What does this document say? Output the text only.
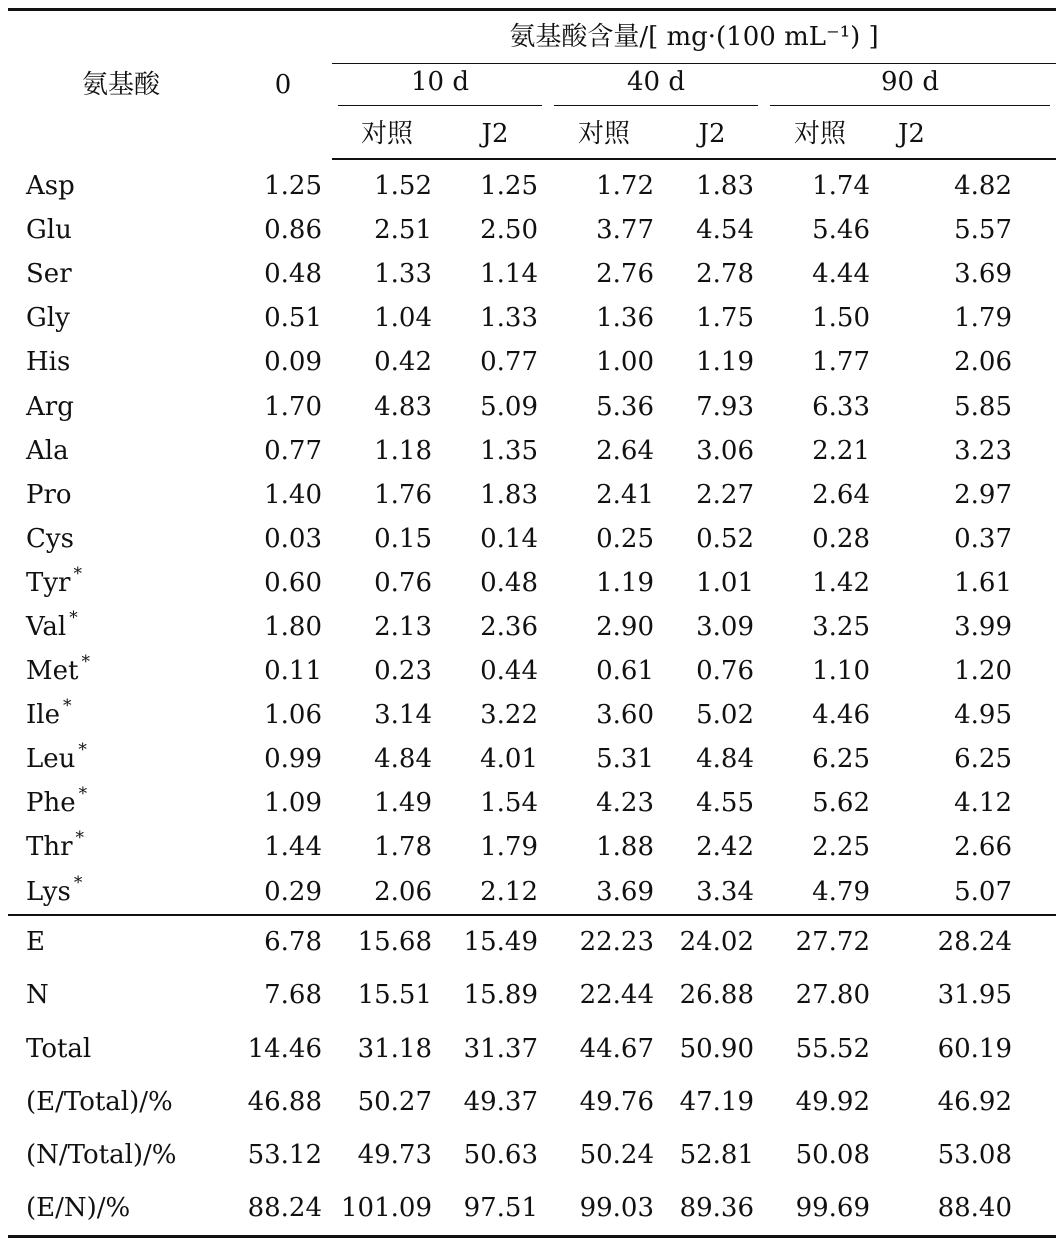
氨基酸	0	氨基酸含量/[ mg·(100 mL⁻¹) ]					

		10 d		40 d		90 d	

		对照	J2	对照	J2	对照	J2
Asp	1.25	1.52	1.25	1.72	1.83	1.74	4.82
Glu	0.86	2.51	2.50	3.77	4.54	5.46	5.57
Ser	0.48	1.33	1.14	2.76	2.78	4.44	3.69
Gly	0.51	1.04	1.33	1.36	1.75	1.50	1.79
His	0.09	0.42	0.77	1.00	1.19	1.77	2.06
Arg	1.70	4.83	5.09	5.36	7.93	6.33	5.85
Ala	0.77	1.18	1.35	2.64	3.06	2.21	3.23
Pro	1.40	1.76	1.83	2.41	2.27	2.64	2.97
Cys	0.03	0.15	0.14	0.25	0.52	0.28	0.37
Tyr *	0.60	0.76	0.48	1.19	1.01	1.42	1.61
Val *	1.80	2.13	2.36	2.90	3.09	3.25	3.99
Met *	0.11	0.23	0.44	0.61	0.76	1.10	1.20
Ile *	1.06	3.14	3.22	3.60	5.02	4.46	4.95
Leu *	0.99	4.84	4.01	5.31	4.84	6.25	6.25
Phe *	1.09	1.49	1.54	4.23	4.55	5.62	4.12
Thr *	1.44	1.78	1.79	1.88	2.42	2.25	2.66
Lys *	0.29	2.06	2.12	3.69	3.34	4.79	5.07
E	6.78	15.68	15.49	22.23	24.02	27.72	28.24
N	7.68	15.51	15.89	22.44	26.88	27.80	31.95
Total	14.46	31.18	31.37	44.67	50.90	55.52	60.19
(E/Total)/%	46.88	50.27	49.37	49.76	47.19	49.92	46.92
(N/Total)/%	53.12	49.73	50.63	50.24	52.81	50.08	53.08
(E/N)/%	88.24	101.09	97.51	99.03	89.36	99.69	88.40
